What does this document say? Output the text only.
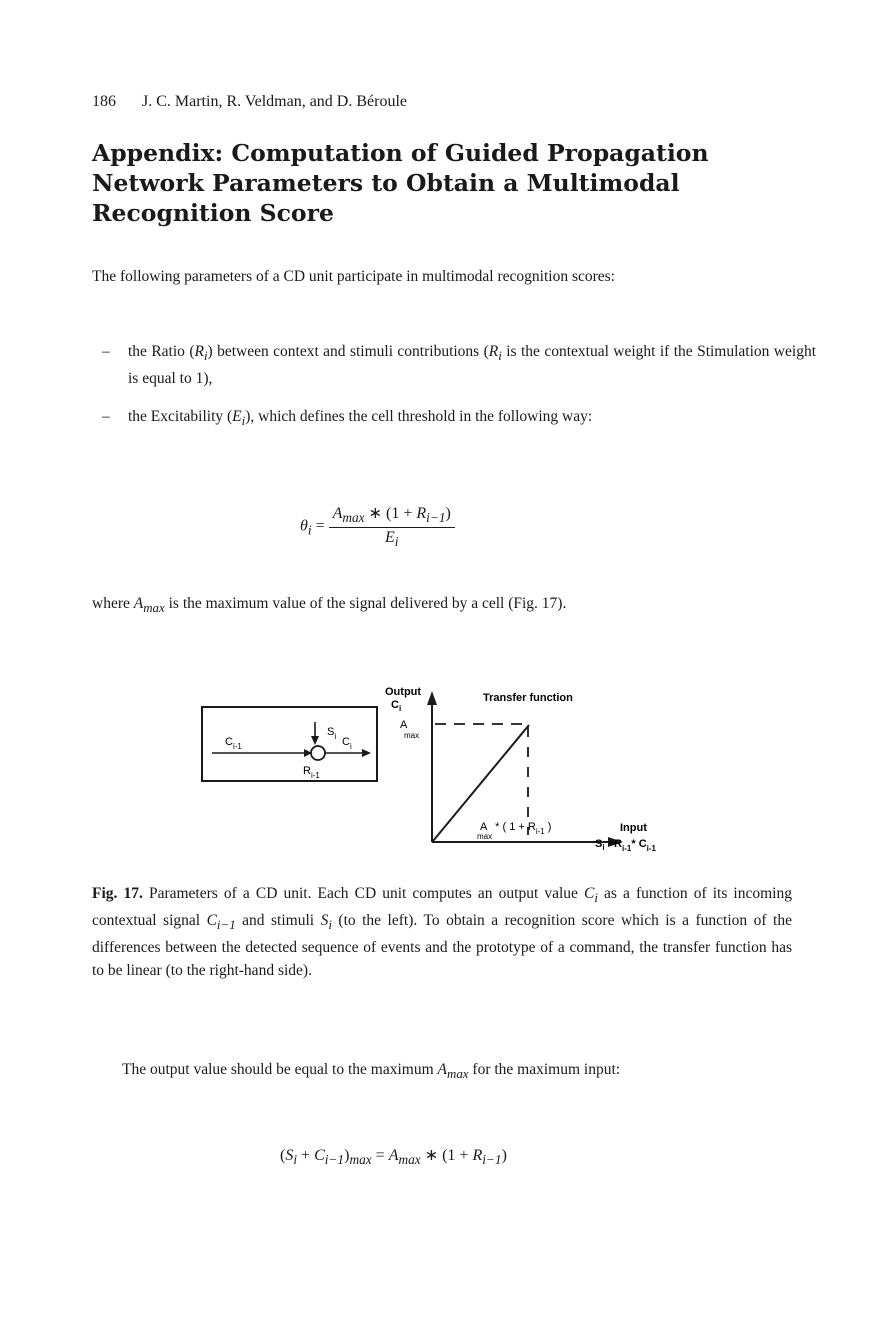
186 J. C. Martin, R. Veldman, and D. Béroule
Appendix: Computation of Guided Propagation Network Parameters to Obtain a Multimodal Recognition Score
The following parameters of a CD unit participate in multimodal recognition scores:
– the Ratio $(R_i)$ between context and stimuli contributions ($R_i$ is the contextual weight if the Stimulation weight is equal to 1),
– the Excitability $(E_i)$, which defines the cell threshold in the following way:
$\theta_i = \frac{A_{max} ∗ (1 + R_{i-1})}{E_i}$
where $A_{max}$ is the maximum value of the signal delivered by a cell (Fig. 17).
$C_{i-1}$
$S_i$ $C_i$
$R_{i-1}$
Output
$C_i$
Transfer function
A max
A max * ( $1 + R_{i-1}$ )	Input
$S_i +R_{i-1}*$ $C_{i-1}$
Fig. 17. Parameters of a CD unit. Each CD unit computes an output value $C_i$ as a function of its incoming contextual signal $C_{i-1}$ and stimuli $S_i$ (to the left). To obtain a recognition score which is a function of the differences between the detected sequence of events and the prototype of a command, the transfer function has to be linear (to the right-hand side).
The output value should be equal to the maximum $A_{max}$ for the maximum input:
$(S_i + C_{i-1})_{max} = A_{max}$ ∗ $(1 + R_{i-1})$
